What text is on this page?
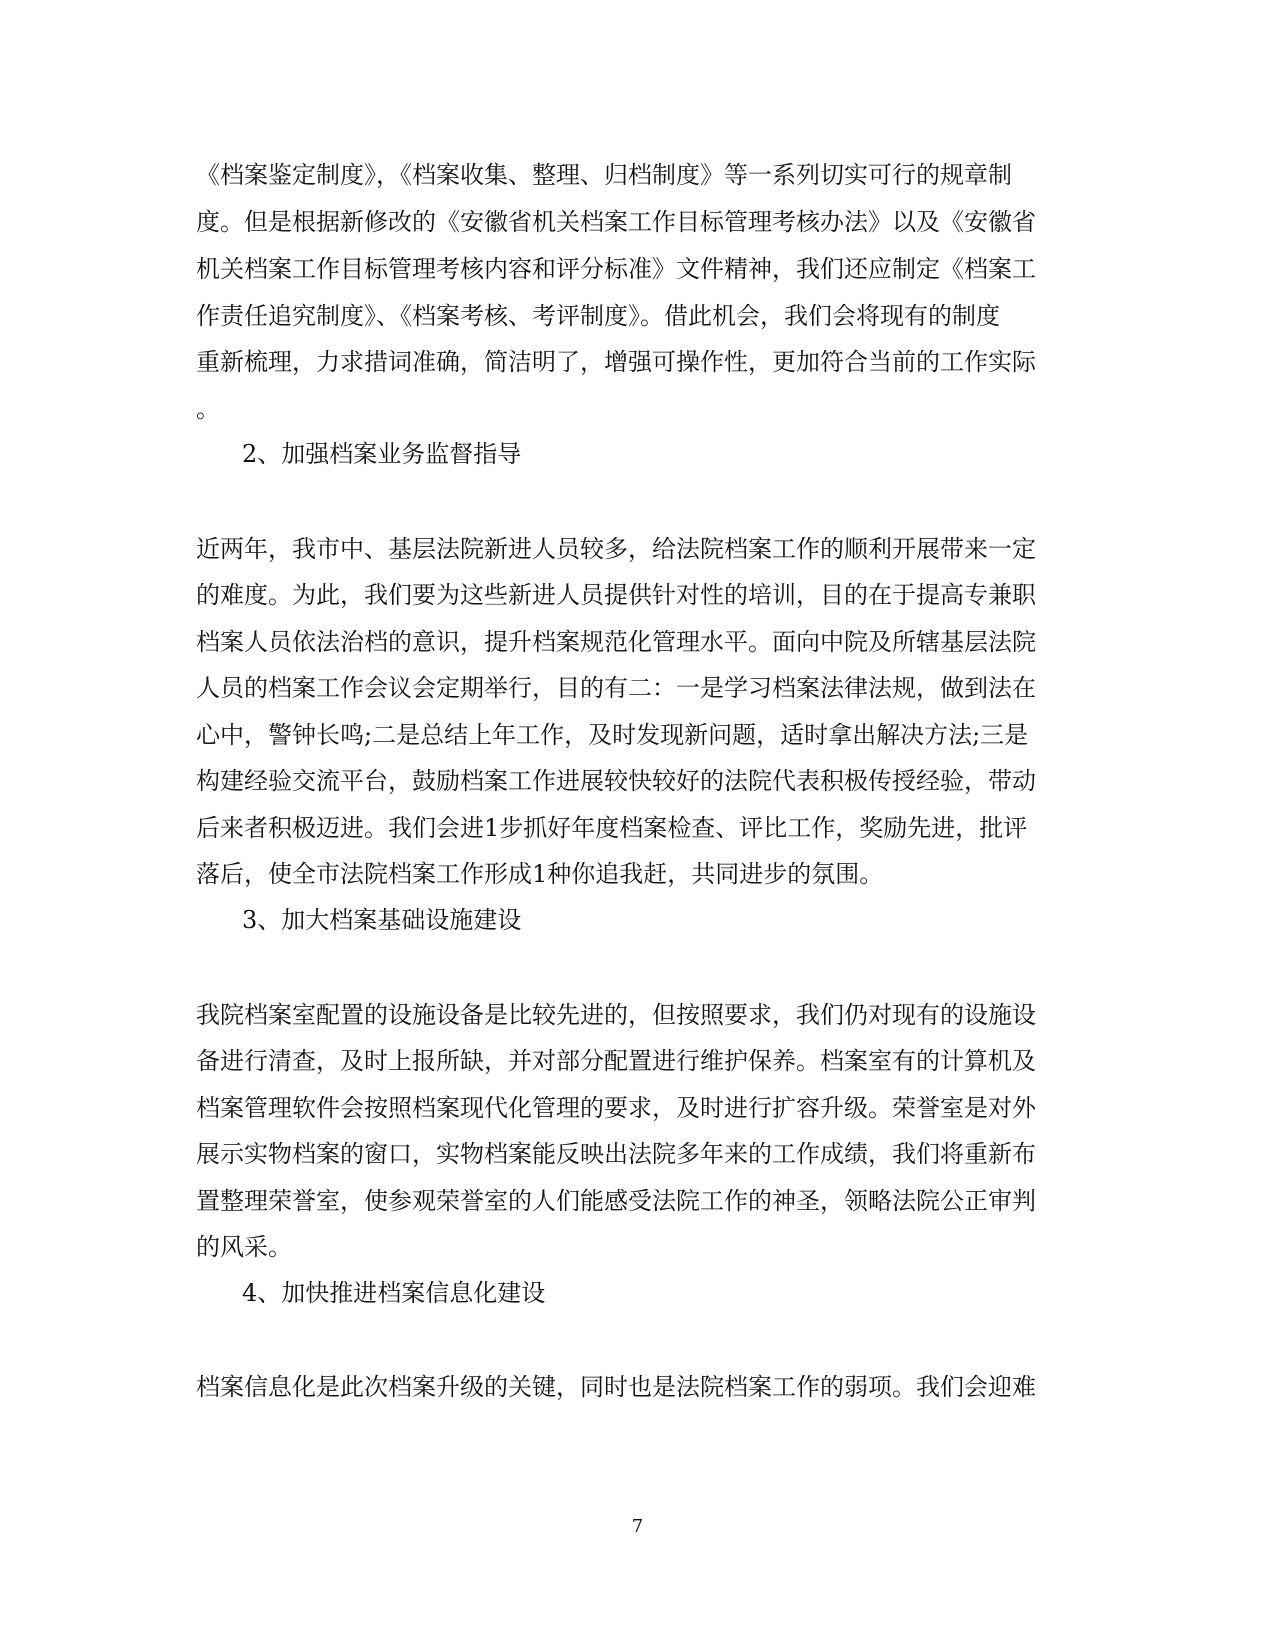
《档案鉴定制度》，《档案收集、整理、归档制度》等一系列切实可行的规章制
度。但是根据新修改的《安徽省机关档案工作目标管理考核办法》以及《安徽省
机关档案工作目标管理考核内容和评分标准》文件精神，我们还应制定《档案工
作责任追究制度》、《档案考核、考评制度》。借此机会，我们会将现有的制度
重新梳理，力求措词准确，简洁明了，增强可操作性，更加符合当前的工作实际
。
2、加强档案业务监督指导
近两年，我市中、基层法院新进人员较多，给法院档案工作的顺利开展带来一定
的难度。为此，我们要为这些新进人员提供针对性的培训，目的在于提高专兼职
档案人员依法治档的意识，提升档案规范化管理水平。面向中院及所辖基层法院
人员的档案工作会议会定期举行，目的有二：一是学习档案法律法规，做到法在
心中，警钟长鸣;二是总结上年工作，及时发现新问题，适时拿出解决方法;三是
构建经验交流平台，鼓励档案工作进展较快较好的法院代表积极传授经验，带动
后来者积极迈进。我们会进1步抓好年度档案检查、评比工作，奖励先进，批评
落后，使全市法院档案工作形成1种你追我赶，共同进步的氛围。
3、加大档案基础设施建设
我院档案室配置的设施设备是比较先进的，但按照要求，我们仍对现有的设施设
备进行清查，及时上报所缺，并对部分配置进行维护保养。档案室有的计算机及
档案管理软件会按照档案现代化管理的要求，及时进行扩容升级。荣誉室是对外
展示实物档案的窗口，实物档案能反映出法院多年来的工作成绩，我们将重新布
置整理荣誉室，使参观荣誉室的人们能感受法院工作的神圣，领略法院公正审判
的风采。
4、加快推进档案信息化建设
档案信息化是此次档案升级的关键，同时也是法院档案工作的弱项。我们会迎难
7
